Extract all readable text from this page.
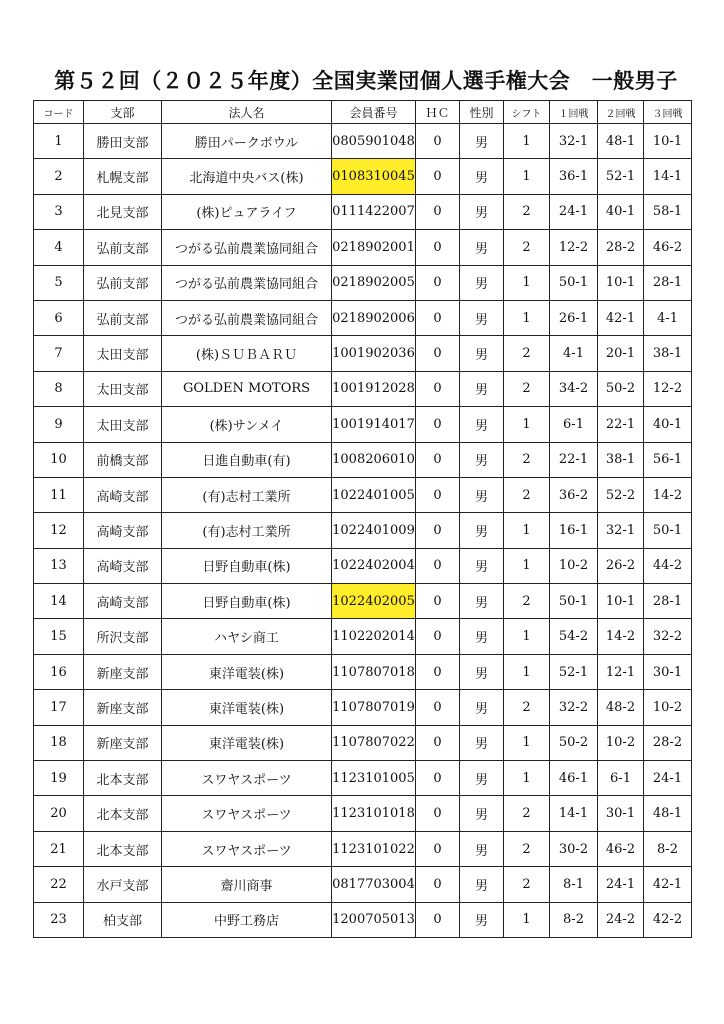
第５２回（２０２５年度）全国実業団個人選手権大会　一般男子
コード	支部	法人名	会員番号	ＨＣ	性別	シフト	１回戦	２回戦	３回戦
1	勝田支部	勝田パークボウル	0805901048	0	男	1	32-1	48-1	10-1
2	札幌支部	北海道中央バス(株)	0108310045	0	男	1	36-1	52-1	14-1
3	北見支部	(株)ピュアライフ	0111422007	0	男	2	24-1	40-1	58-1
4	弘前支部	つがる弘前農業協同組合	0218902001	0	男	2	12-2	28-2	46-2
5	弘前支部	つがる弘前農業協同組合	0218902005	0	男	1	50-1	10-1	28-1
6	弘前支部	つがる弘前農業協同組合	0218902006	0	男	1	26-1	42-1	4-1
7	太田支部	(株)ＳＵＢＡＲＵ	1001902036	0	男	2	4-1	20-1	38-1
8	太田支部	GOLDEN MOTORS	1001912028	0	男	2	34-2	50-2	12-2
9	太田支部	(株)サンメイ	1001914017	0	男	1	6-1	22-1	40-1
10	前橋支部	日進自動車(有)	1008206010	0	男	2	22-1	38-1	56-1
11	高崎支部	(有)志村工業所	1022401005	0	男	2	36-2	52-2	14-2
12	高崎支部	(有)志村工業所	1022401009	0	男	1	16-1	32-1	50-1
13	高崎支部	日野自動車(株)	1022402004	0	男	1	10-2	26-2	44-2
14	高崎支部	日野自動車(株)	1022402005	0	男	2	50-1	10-1	28-1
15	所沢支部	ハヤシ商工	1102202014	0	男	1	54-2	14-2	32-2
16	新座支部	東洋電装(株)	1107807018	0	男	1	52-1	12-1	30-1
17	新座支部	東洋電装(株)	1107807019	0	男	2	32-2	48-2	10-2
18	新座支部	東洋電装(株)	1107807022	0	男	1	50-2	10-2	28-2
19	北本支部	スワヤスポーツ	1123101005	0	男	1	46-1	6-1	24-1
20	北本支部	スワヤスポーツ	1123101018	0	男	2	14-1	30-1	48-1
21	北本支部	スワヤスポーツ	1123101022	0	男	2	30-2	46-2	8-2
22	水戸支部	齋川商事	0817703004	0	男	2	8-1	24-1	42-1
23	柏支部	中野工務店	1200705013	0	男	1	8-2	24-2	42-2
